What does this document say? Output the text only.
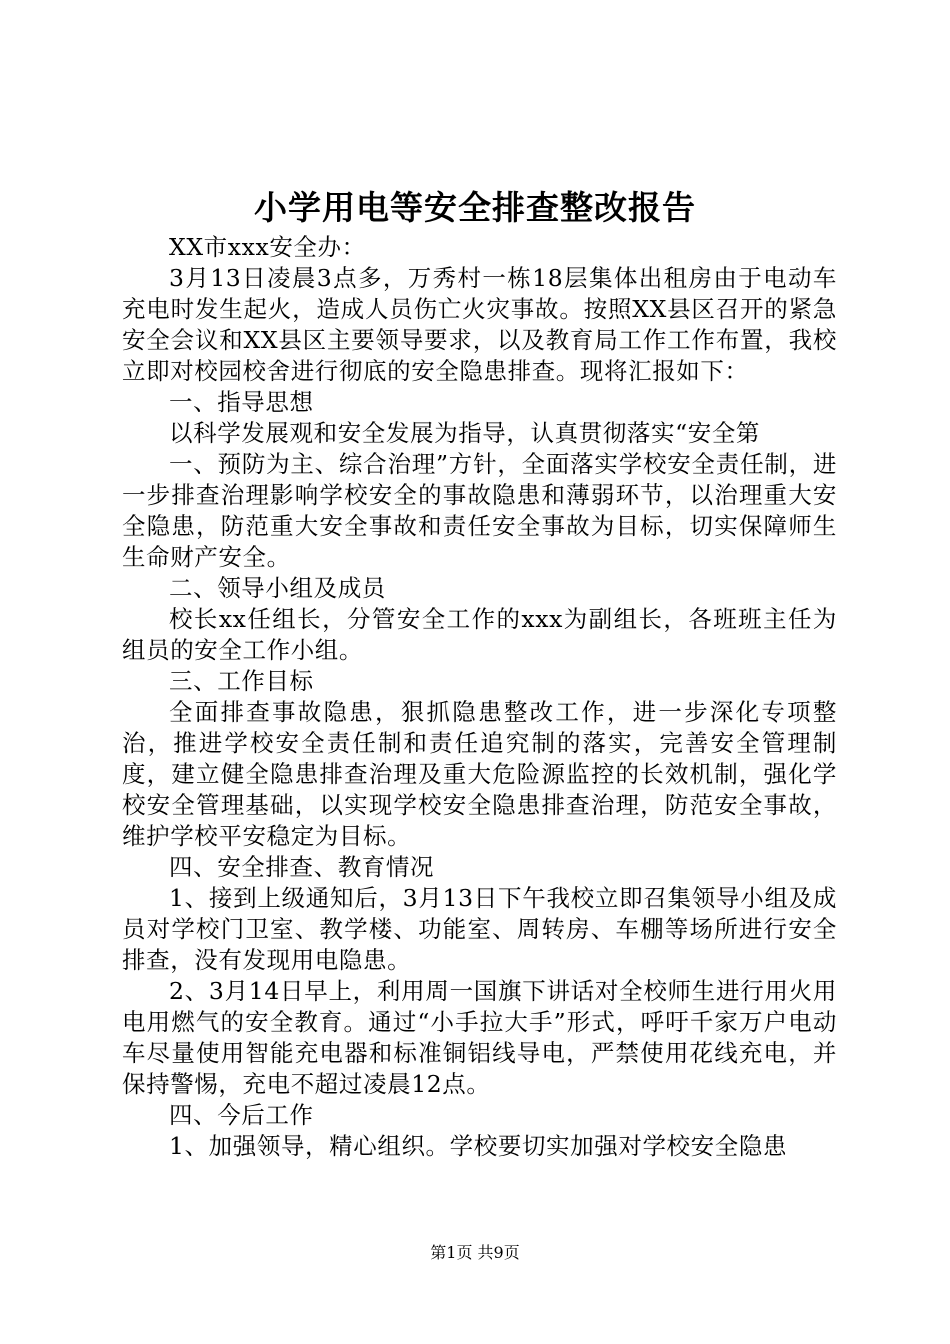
小学用电等安全排查整改报告

XX市xxx安全办：

3月13日凌晨3点多，万秀村一栋18层集体出租房由于电动车充电时发生起火，造成人员伤亡火灾事故。按照XX县区召开的紧急安全会议和XX县区主要领导要求，以及教育局工作工作布置，我校立即对校园校舍进行彻底的安全隐患排查。现将汇报如下：

一、指导思想

以科学发展观和安全发展为指导，认真贯彻落实“安全第

一、预防为主、综合治理”方针，全面落实学校安全责任制，进一步排查治理影响学校安全的事故隐患和薄弱环节，以治理重大安全隐患，防范重大安全事故和责任安全事故为目标，切实保障师生生命财产安全。

二、领导小组及成员

校长xx任组长，分管安全工作的xxx为副组长，各班班主任为组员的安全工作小组。

三、工作目标

全面排查事故隐患，狠抓隐患整改工作，进一步深化专项整治，推进学校安全责任制和责任追究制的落实，完善安全管理制度，建立健全隐患排查治理及重大危险源监控的长效机制，强化学校安全管理基础，以实现学校安全隐患排查治理，防范安全事故，维护学校平安稳定为目标。

四、安全排查、教育情况

1、接到上级通知后，3月13日下午我校立即召集领导小组及成员对学校门卫室、教学楼、功能室、周转房、车棚等场所进行安全排查，没有发现用电隐患。

2、3月14日早上，利用周一国旗下讲话对全校师生进行用火用电用燃气的安全教育。通过“小手拉大手”形式，呼吁千家万户电动车尽量使用智能充电器和标准铜铝线导电，严禁使用花线充电，并保持警惕，充电不超过凌晨12点。

四、今后工作

1、加强领导，精心组织。学校要切实加强对学校安全隐患

第1页 共9页
